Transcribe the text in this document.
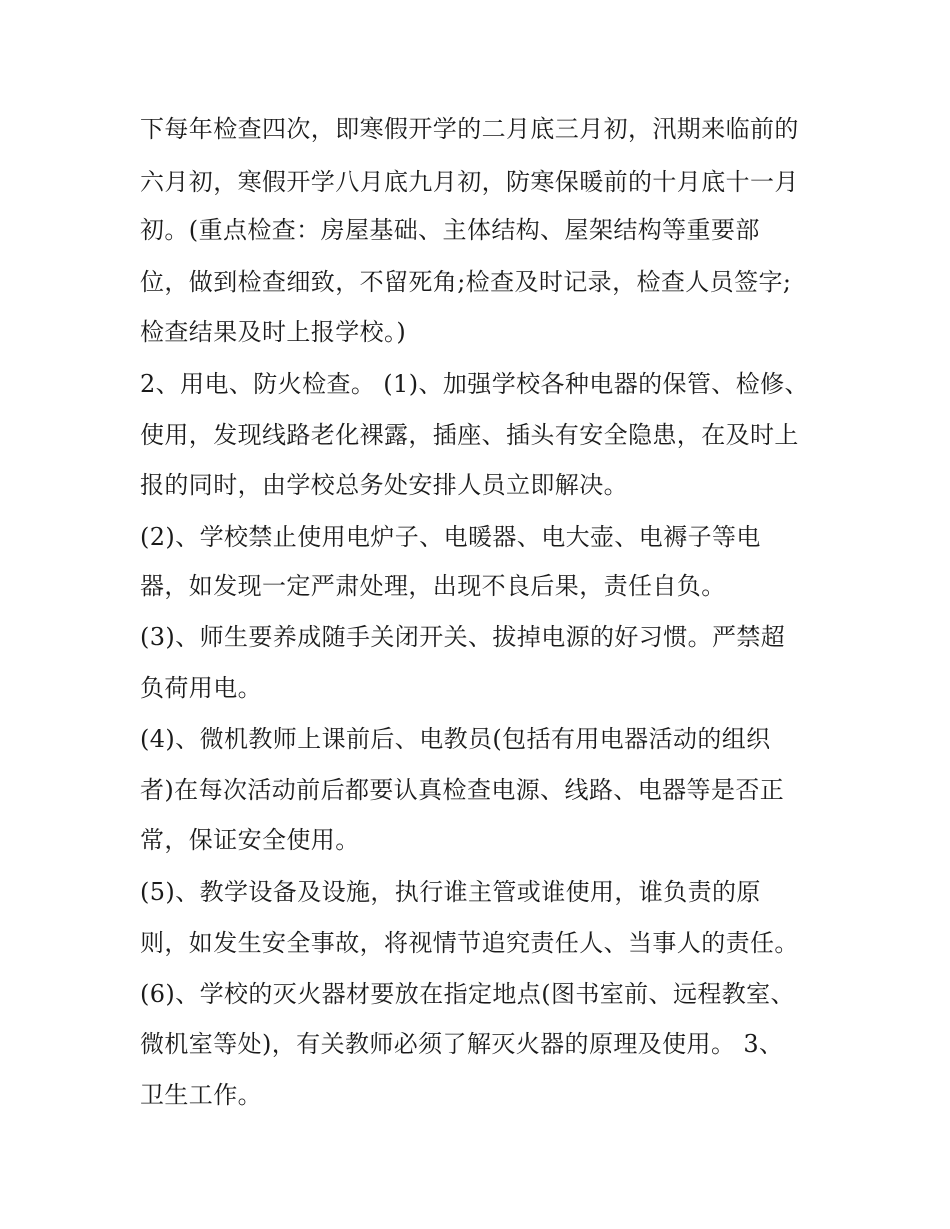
下每年检查四次，即寒假开学的二月底三月初，汛期来临前的
六月初，寒假开学八月底九月初，防寒保暖前的十月底十一月
初。(重点检查：房屋基础、主体结构、屋架结构等重要部
位，做到检查细致，不留死角;检查及时记录，检查人员签字;
检查结果及时上报学校。)
2、用电、防火检查。 (1)、加强学校各种电器的保管、检修、
使用，发现线路老化裸露，插座、插头有安全隐患，在及时上
报的同时，由学校总务处安排人员立即解决。
(2)、学校禁止使用电炉子、电暖器、电大壶、电褥子等电
器，如发现一定严肃处理，出现不良后果，责任自负。
(3)、师生要养成随手关闭开关、拔掉电源的好习惯。严禁超
负荷用电。
(4)、微机教师上课前后、电教员(包括有用电器活动的组织
者)在每次活动前后都要认真检查电源、线路、电器等是否正
常，保证安全使用。
(5)、教学设备及设施，执行谁主管或谁使用，谁负责的原
则，如发生安全事故，将视情节追究责任人、当事人的责任。
(6)、学校的灭火器材要放在指定地点(图书室前、远程教室、
微机室等处)，有关教师必须了解灭火器的原理及使用。 3、
卫生工作。
